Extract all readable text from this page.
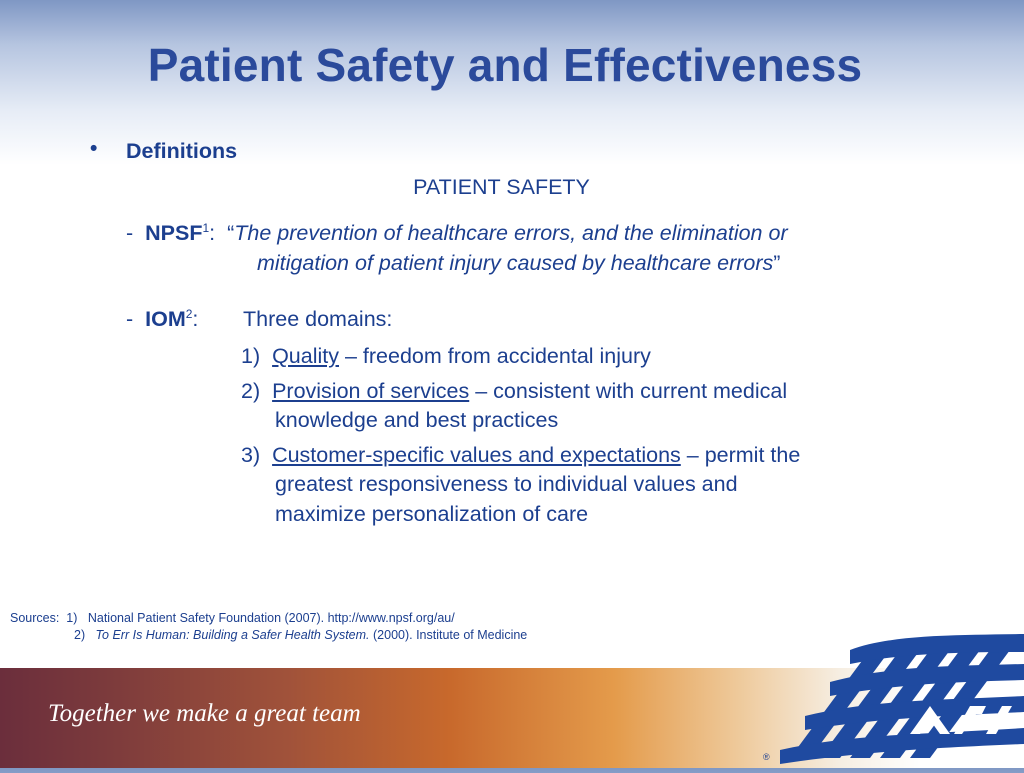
Patient Safety and Effectiveness
• Definitions
PATIENT SAFETY
- NPSF$^1$: “The prevention of healthcare errors, and the elimination or
mitigation of patient injury caused by healthcare errors”
- IOM$^2$: Three domains:
1) Quality – freedom from accidental injury
2) Provision of services – consistent with current medical
knowledge and best practices
3) Customer-specific values and expectations – permit the
greatest responsiveness to individual values and
maximize personalization of care
Sources: 1) National Patient Safety Foundation (2007). http://www.npsf.org/au/
2) To Err Is Human: Building a Safer Health System. (2000). Institute of Medicine
Together we make a great team
®
